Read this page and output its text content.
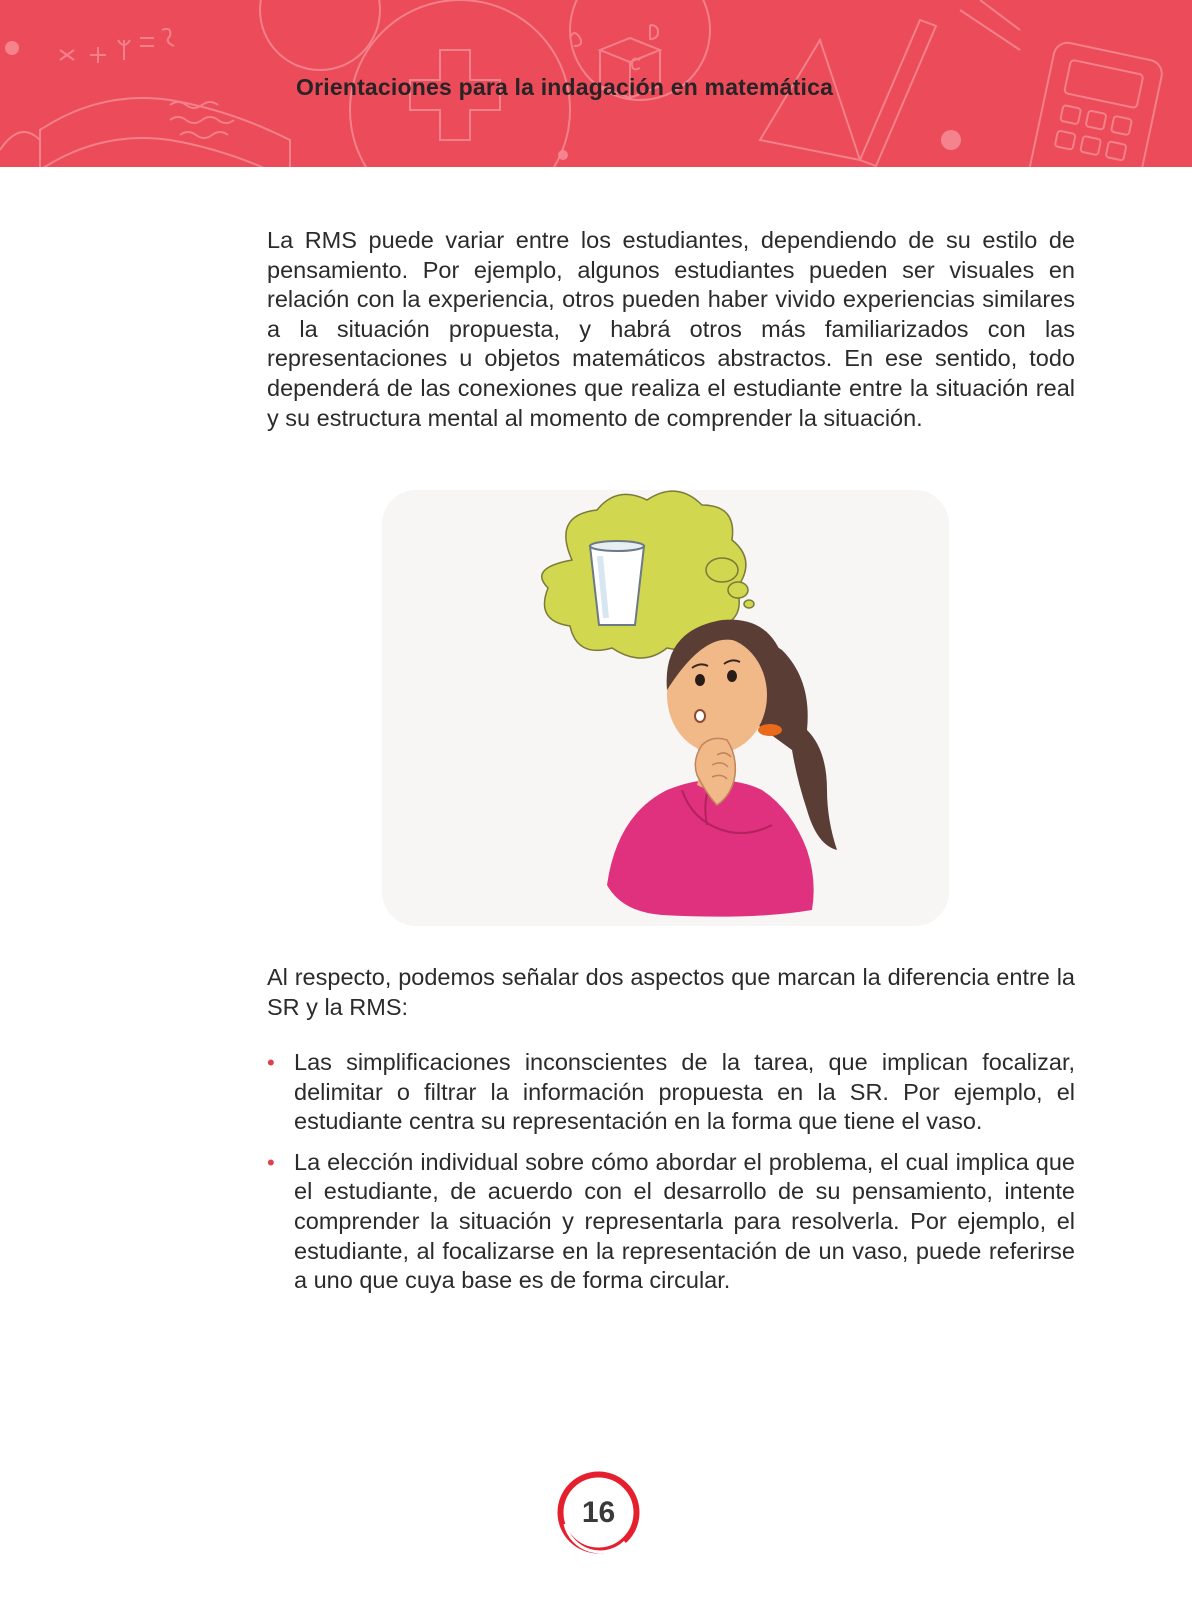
Orientaciones para la indagación en matemática

La RMS puede variar entre los estudiantes, dependiendo de su estilo de pensamiento. Por ejemplo, algunos estudiantes pueden ser visuales en relación con la experiencia, otros pueden haber vivido experiencias similares a la situación propuesta, y habrá otros más familiarizados con las representaciones u objetos matemáticos abstractos. En ese sentido, todo dependerá de las conexiones que realiza el estudiante entre la situación real y su estructura mental al momento de comprender la situación.

Al respecto, podemos señalar dos aspectos que marcan la diferencia entre la SR y la RMS:

• Las simplificaciones inconscientes de la tarea, que implican focalizar, delimitar o filtrar la información propuesta en la SR. Por ejemplo, el estudiante centra su representación en la forma que tiene el vaso.
• La elección individual sobre cómo abordar el problema, el cual implica que el estudiante, de acuerdo con el desarrollo de su pensamiento, intente comprender la situación y representarla para resolverla. Por ejemplo, el estudiante, al focalizarse en la representación de un vaso, puede referirse a uno que cuya base es de forma circular.
16
